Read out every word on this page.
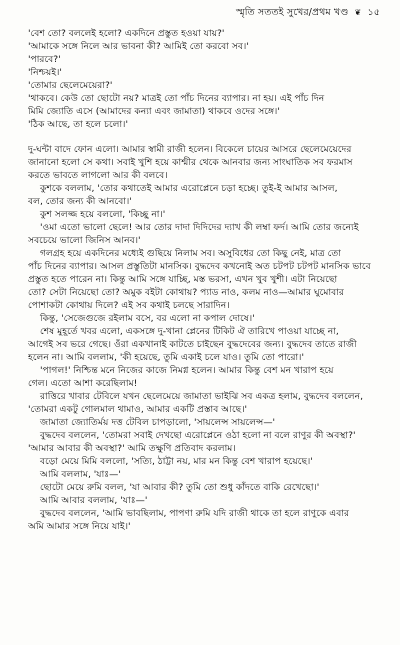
স্মৃতি সততই সুখের/প্রথম খণ্ড ❦ ১৫
'বেশ তো? বললেই হলো? একদিনে প্রস্তুত হওয়া যায়?'
'আমাকে সঙ্গে নিলে আর ভাবনা কী? আমিই তো করবো সব।'
'পারবে?'
'নিশ্চয়ই।'
'তোমার ছেলেমেয়েরা?'
'থাকবে। কেউ তো ছোটো নয়? মাত্রই তো পাঁচ দিনের ব্যাপার। না হয়। এই পাঁচ দিন
মিমি জ্যোতি এসে (আমাদের কন্যা এবং জামাতা) থাকবে ওদের সঙ্গে।'
'ঠিক আছে, তা হলে চলো।'
দু-ঘন্টা বাদে ফোন এলো। আমার স্বামী রাজী হলেন। বিকেলে চায়ের আসরে ছেলেমেয়েদের
জানানো হলো সে কথা। সবাই খুশি হয়ে কাশ্মীর থেকে আনবার জন্য সাংঘাতিক সব ফরমাস
করতে ভাবতে লাগলো আর কী বলবে।
কুশকে বললাম, 'তোর কথাতেই আমার এরোপ্লেনে চড়া হচ্ছে। তুই-ই আমার আসল,
বল, তোর জন্য কী আনবো।'
কুশ সলজ্জ হয়ে বললো, 'কিচ্ছু না।'
'ওমা এতো ভালো ছেলে! আর তোর দাদা দিদিদের দ্যাখ কী লম্বা ফর্দ। আমি তোর জন্যেই
সবচেয়ে ভালো জিনিস আনব।'
গলগ্রহ হয়ে একদিনের মধ্যেই গুছিয়ে নিলাম সব। অসুবিধের তো কিছু নেই, মাত্র তো
পাঁচ দিনের ব্যাপার। আসল প্রস্তুতিটা মানসিক। বুদ্ধদেব কখনোই অত চটপট চটপট মানসিক ভাবে
প্রস্তুত হতে পারেন না। কিন্তু আমি সঙ্গে যাচ্ছি, মস্ত ভরসা, এখন খুব খুশী। এটা নিয়েছো
তো? সেটা নিয়েছো তো? অমুক বইটা কোথায়? প্যাড নাও, কলম নাও—আমার ঘুমোবার
পোশাকটা কোথায় দিলে? এই সব কথাই চলছে সারাদিন।
কিন্তু, 'সেজেগুজে রইলাম বসে, বর এলো না কপাল দোষে।'
শেষ মুহূর্তে খবর এলো, একসঙ্গে দু-খানা প্লেনের টিকিট ঐ তারিখে পাওয়া যাচ্ছে না,
আগেই সব ভরে গেছে। ওঁরা একখানাই কাটতে চাইছেন বুদ্ধদেবের জন্য। বুদ্ধদেব তাতে রাজী
হলেন না। আমি বললাম, 'কী হয়েছে, তুমি একাই চলে যাও। তুমি তো পারো।'
'পাগল!' নিশ্চিন্ত মনে নিজের কাজে নিমগ্ন হলেন। আমার কিন্তু বেশ মন খারাপ হয়ে
গেল। এতো আশা করেছিলাম!
রাত্তিরে খাবার টেবিলে যখন ছেলেমেয়ে জামাতা ভাইঝি সব একত্র হলাম, বুদ্ধদেব বললেন,
'তোমরা একটু গোলমাল থামাও, আমার একটি প্রস্তাব আছে।'
জামাতা জ্যোতির্ময় দত্ত টেবিল চাপড়ালো, 'সায়লেন্স সায়লেন্স—'
বুদ্ধদেব বললেন, 'তোমরা সবাই দেখছো এরোপ্লেনে ওঠা হলো না বলে রাণুর কী অবস্থা?'
'আমার আবার কী অবস্থা?' আমি তক্ষুণি প্রতিবাদ করলাম।
বড়ো মেয়ে মিমি বললো, 'সত্যি, ঠাট্টা নয়, মার মন কিন্তু বেশ খারাপ হয়েছে।'
আমি বললাম, 'যাঃ—'
ছোটো মেয়ে রুমি বলল, 'যা আবার কী? তুমি তো শুধু কাঁদতে বাকি রেখেছো।'
আমি আবার বললাম, 'যাঃ—'
বুদ্ধদেব বললেন, 'আমি ভাবছিলাম, পাপণা রুমি যদি রাজী থাকে তা হলে রাণুকে এবার
অমি আমার সঙ্গে নিয়ে যাই।'
